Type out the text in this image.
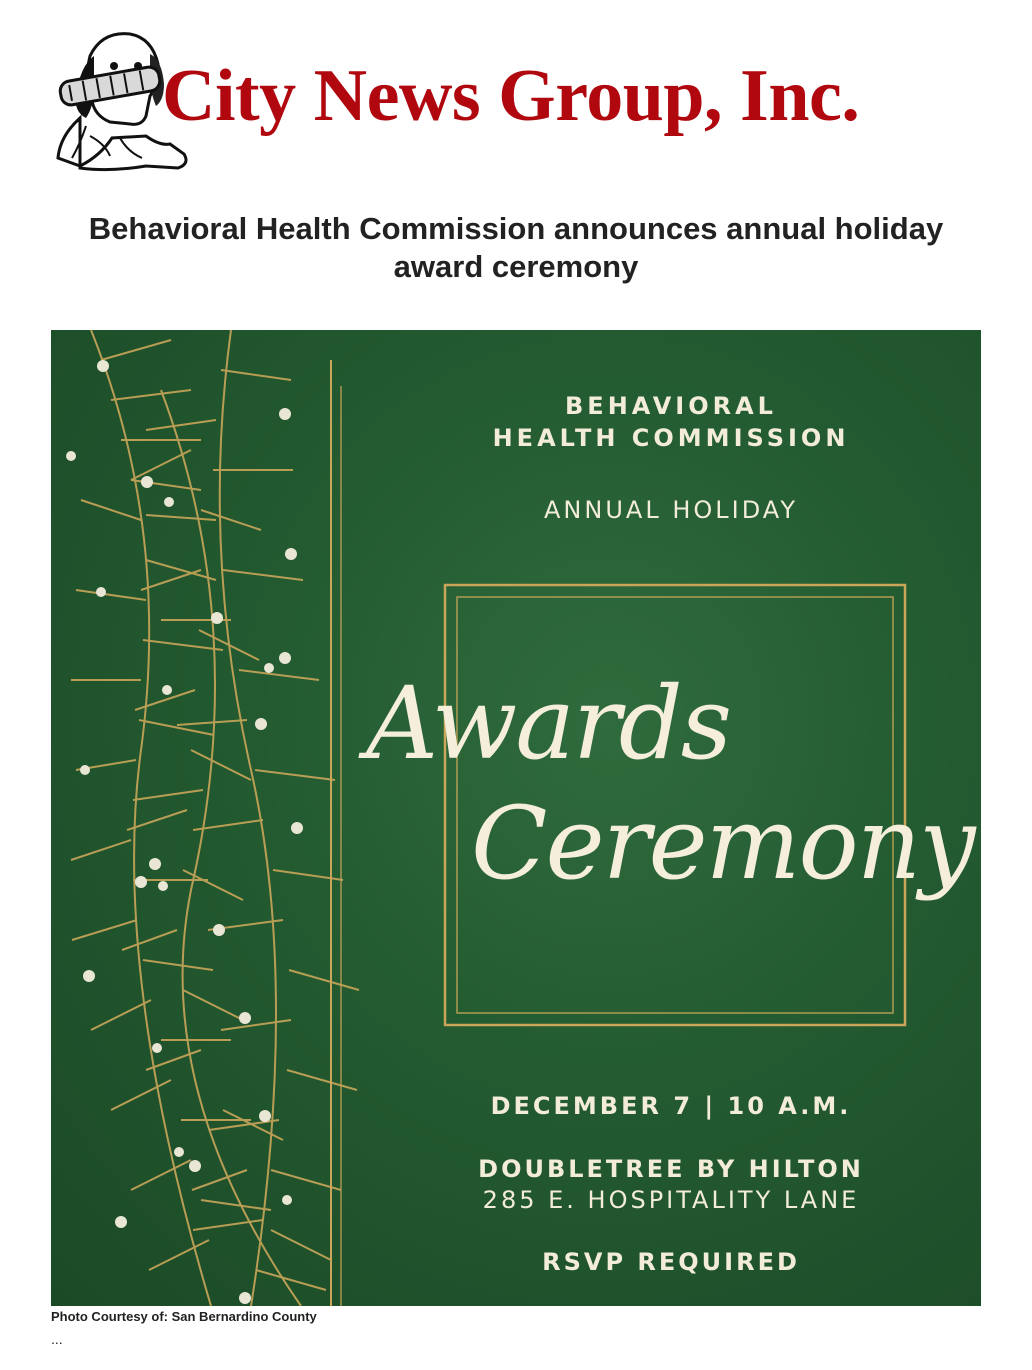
City News Group, Inc.
Behavioral Health Commission announces annual holiday award ceremony
BEHAVIORAL
HEALTH COMMISSION
ANNUAL HOLIDAY
Awards
Ceremony
DECEMBER 7 | 10 A.M.
DOUBLETREE BY HILTON
285 E. HOSPITALITY LANE
RSVP REQUIRED
Photo Courtesy of: San Bernardino County
...
